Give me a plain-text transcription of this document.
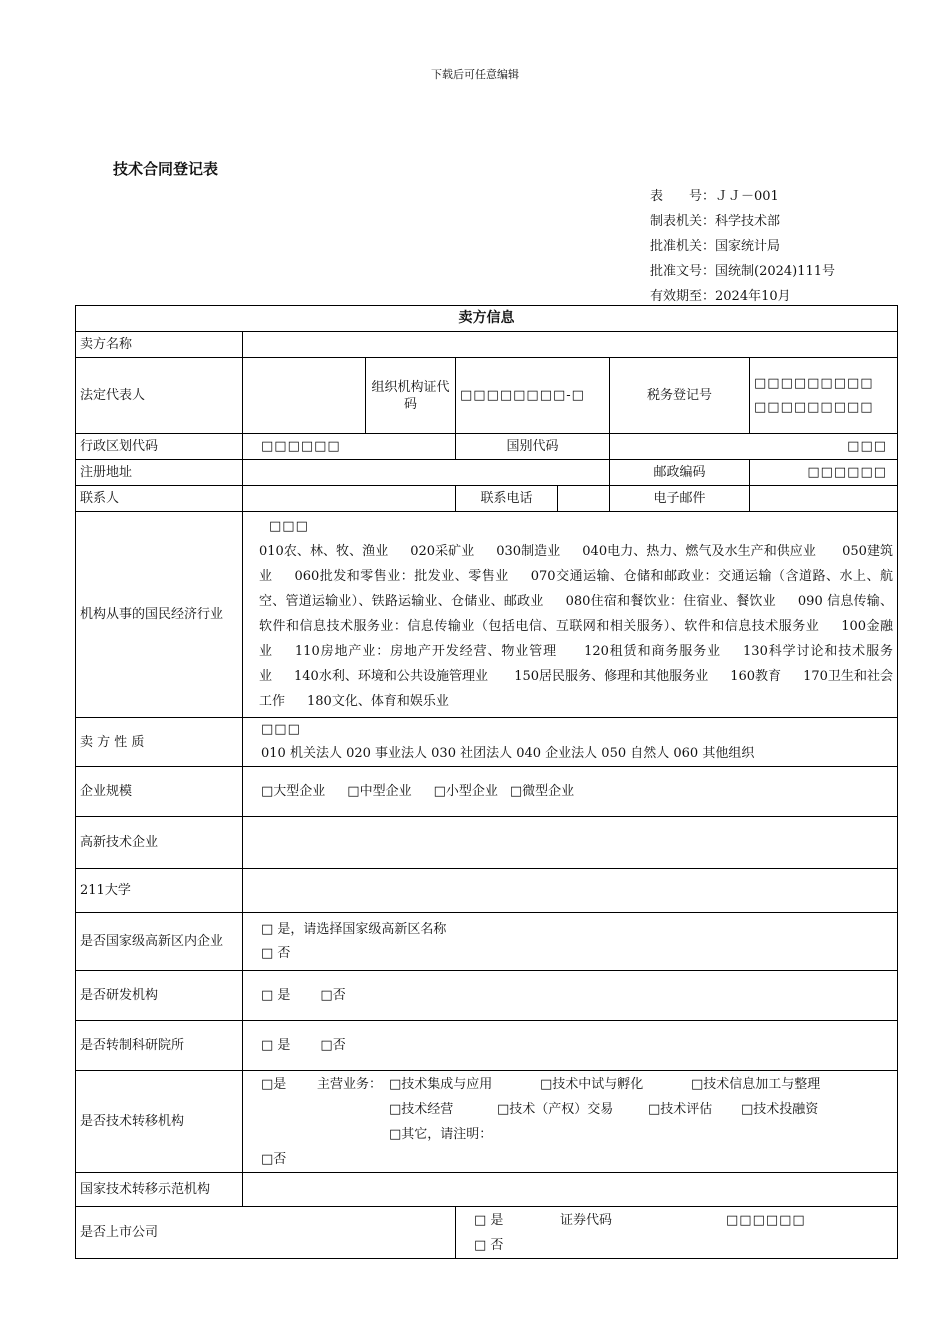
下载后可任意编辑
技术合同登记表
表　　号：ＪＪ－001
制表机关：科学技术部
批准机关：国家统计局
批准文号：国统制(2024)111号
有效期至：2024年10月
卖方信息						
卖方名称						
法定代表人		组织机构证代码	□□□□□□□□-□		税务登记号	□□□□□□□□□
□□□□□□□□□

行政区划代码	□□□□□□		国别代码		□□□	
注册地址					邮政编码	□□□□□□
联系人			联系电话		电子邮件	
机构从事的国民经济行业	□□□
010农、林、牧、渔业 020采矿业 030制造业 040电力、热力、燃气及水生产和供应业 050建筑业 060批发和零售业：批发业、零售业 070交通运输、仓储和邮政业：交通运输（含道路、水上、航空、管道运输业）、铁路运输业、仓储业、邮政业 080住宿和餐饮业：住宿业、餐饮业 090 信息传输、软件和信息技术服务业：信息传输业（包括电信、互联网和相关服务）、软件和信息技术服务业 100金融业 110房地产业：房地产开发经营、物业管理 120租赁和商务服务业 130科学讨论和技术服务业 140水利、环境和公共设施管理业 150居民服务、修理和其他服务业 160教育 170卫生和社会工作 180文化、体育和娱乐业					

卖 方 性 质	□□□
010 机关法人 020 事业法人 030 社团法人 040 企业法人 050 自然人 060 其他组织					

企业规模	□大型企业 □中型企业 □小型企业 □微型企业					
高新技术企业						
211大学						
是否国家级高新区内企业	□ 是，请选择国家级高新区名称
□ 否					

是否研发机构	□ 是 □否					
是否转制科研院所	□ 是 □否					
是否技术转移机构	□是 主营业务： □技术集成与应用 □技术中试与孵化 □技术信息加工与整理
□技术经营 □技术（产权）交易 □技术评估 □技术投融资
□其它，请注明：
□否					

国家技术转移示范机构						
是否上市公司			□ 是 证券代码 □□□□□□
□ 否			
